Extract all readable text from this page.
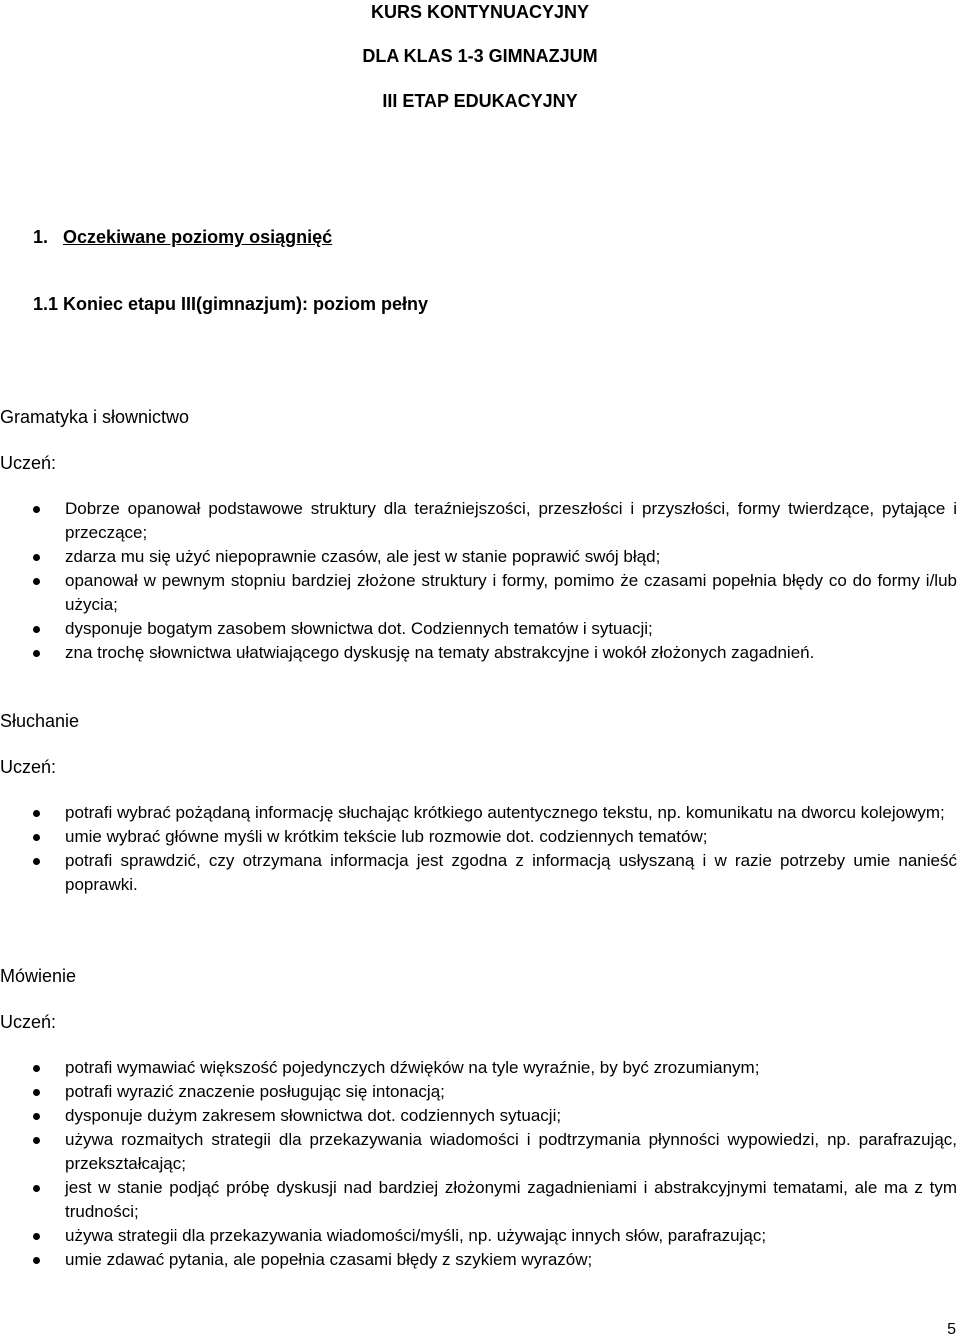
KURS KONTYNUACYJNY
DLA KLAS 1-3 GIMNAZJUM
III ETAP EDUKACYJNY
1. Oczekiwane poziomy osiągnięć
1.1 Koniec etapu III(gimnazjum): poziom pełny
Gramatyka i słownictwo
Uczeń:
Dobrze opanował podstawowe struktury dla teraźniejszości, przeszłości i przyszłości, formy twierdzące, pytające i przeczące;
zdarza mu się użyć niepoprawnie czasów, ale jest w stanie poprawić swój błąd;
opanował w pewnym stopniu bardziej złożone struktury i formy, pomimo że czasami popełnia błędy co do formy i/lub użycia;
dysponuje bogatym zasobem słownictwa dot. Codziennych tematów i sytuacji;
zna trochę słownictwa ułatwiającego dyskusję na tematy abstrakcyjne i wokół złożonych zagadnień.
Słuchanie
Uczeń:
potrafi wybrać pożądaną informację słuchając krótkiego autentycznego tekstu, np. komunikatu na dworcu kolejowym;
umie wybrać główne myśli w krótkim tekście lub rozmowie dot. codziennych tematów;
potrafi sprawdzić, czy otrzymana informacja jest zgodna z informacją usłyszaną i w razie potrzeby umie nanieść poprawki.
Mówienie
Uczeń:
potrafi wymawiać większość pojedynczych dźwięków na tyle wyraźnie, by być zrozumianym;
potrafi wyrazić znaczenie posługując się intonacją;
dysponuje dużym zakresem słownictwa dot. codziennych sytuacji;
używa rozmaitych strategii dla przekazywania wiadomości i podtrzymania płynności wypowiedzi, np. parafrazując, przekształcając;
jest w stanie podjąć próbę dyskusji nad bardziej złożonymi zagadnieniami i abstrakcyjnymi tematami, ale ma z tym trudności;
używa strategii dla przekazywania wiadomości/myśli, np. używając innych słów, parafrazując;
umie zdawać pytania, ale popełnia czasami błędy z szykiem wyrazów;
5
